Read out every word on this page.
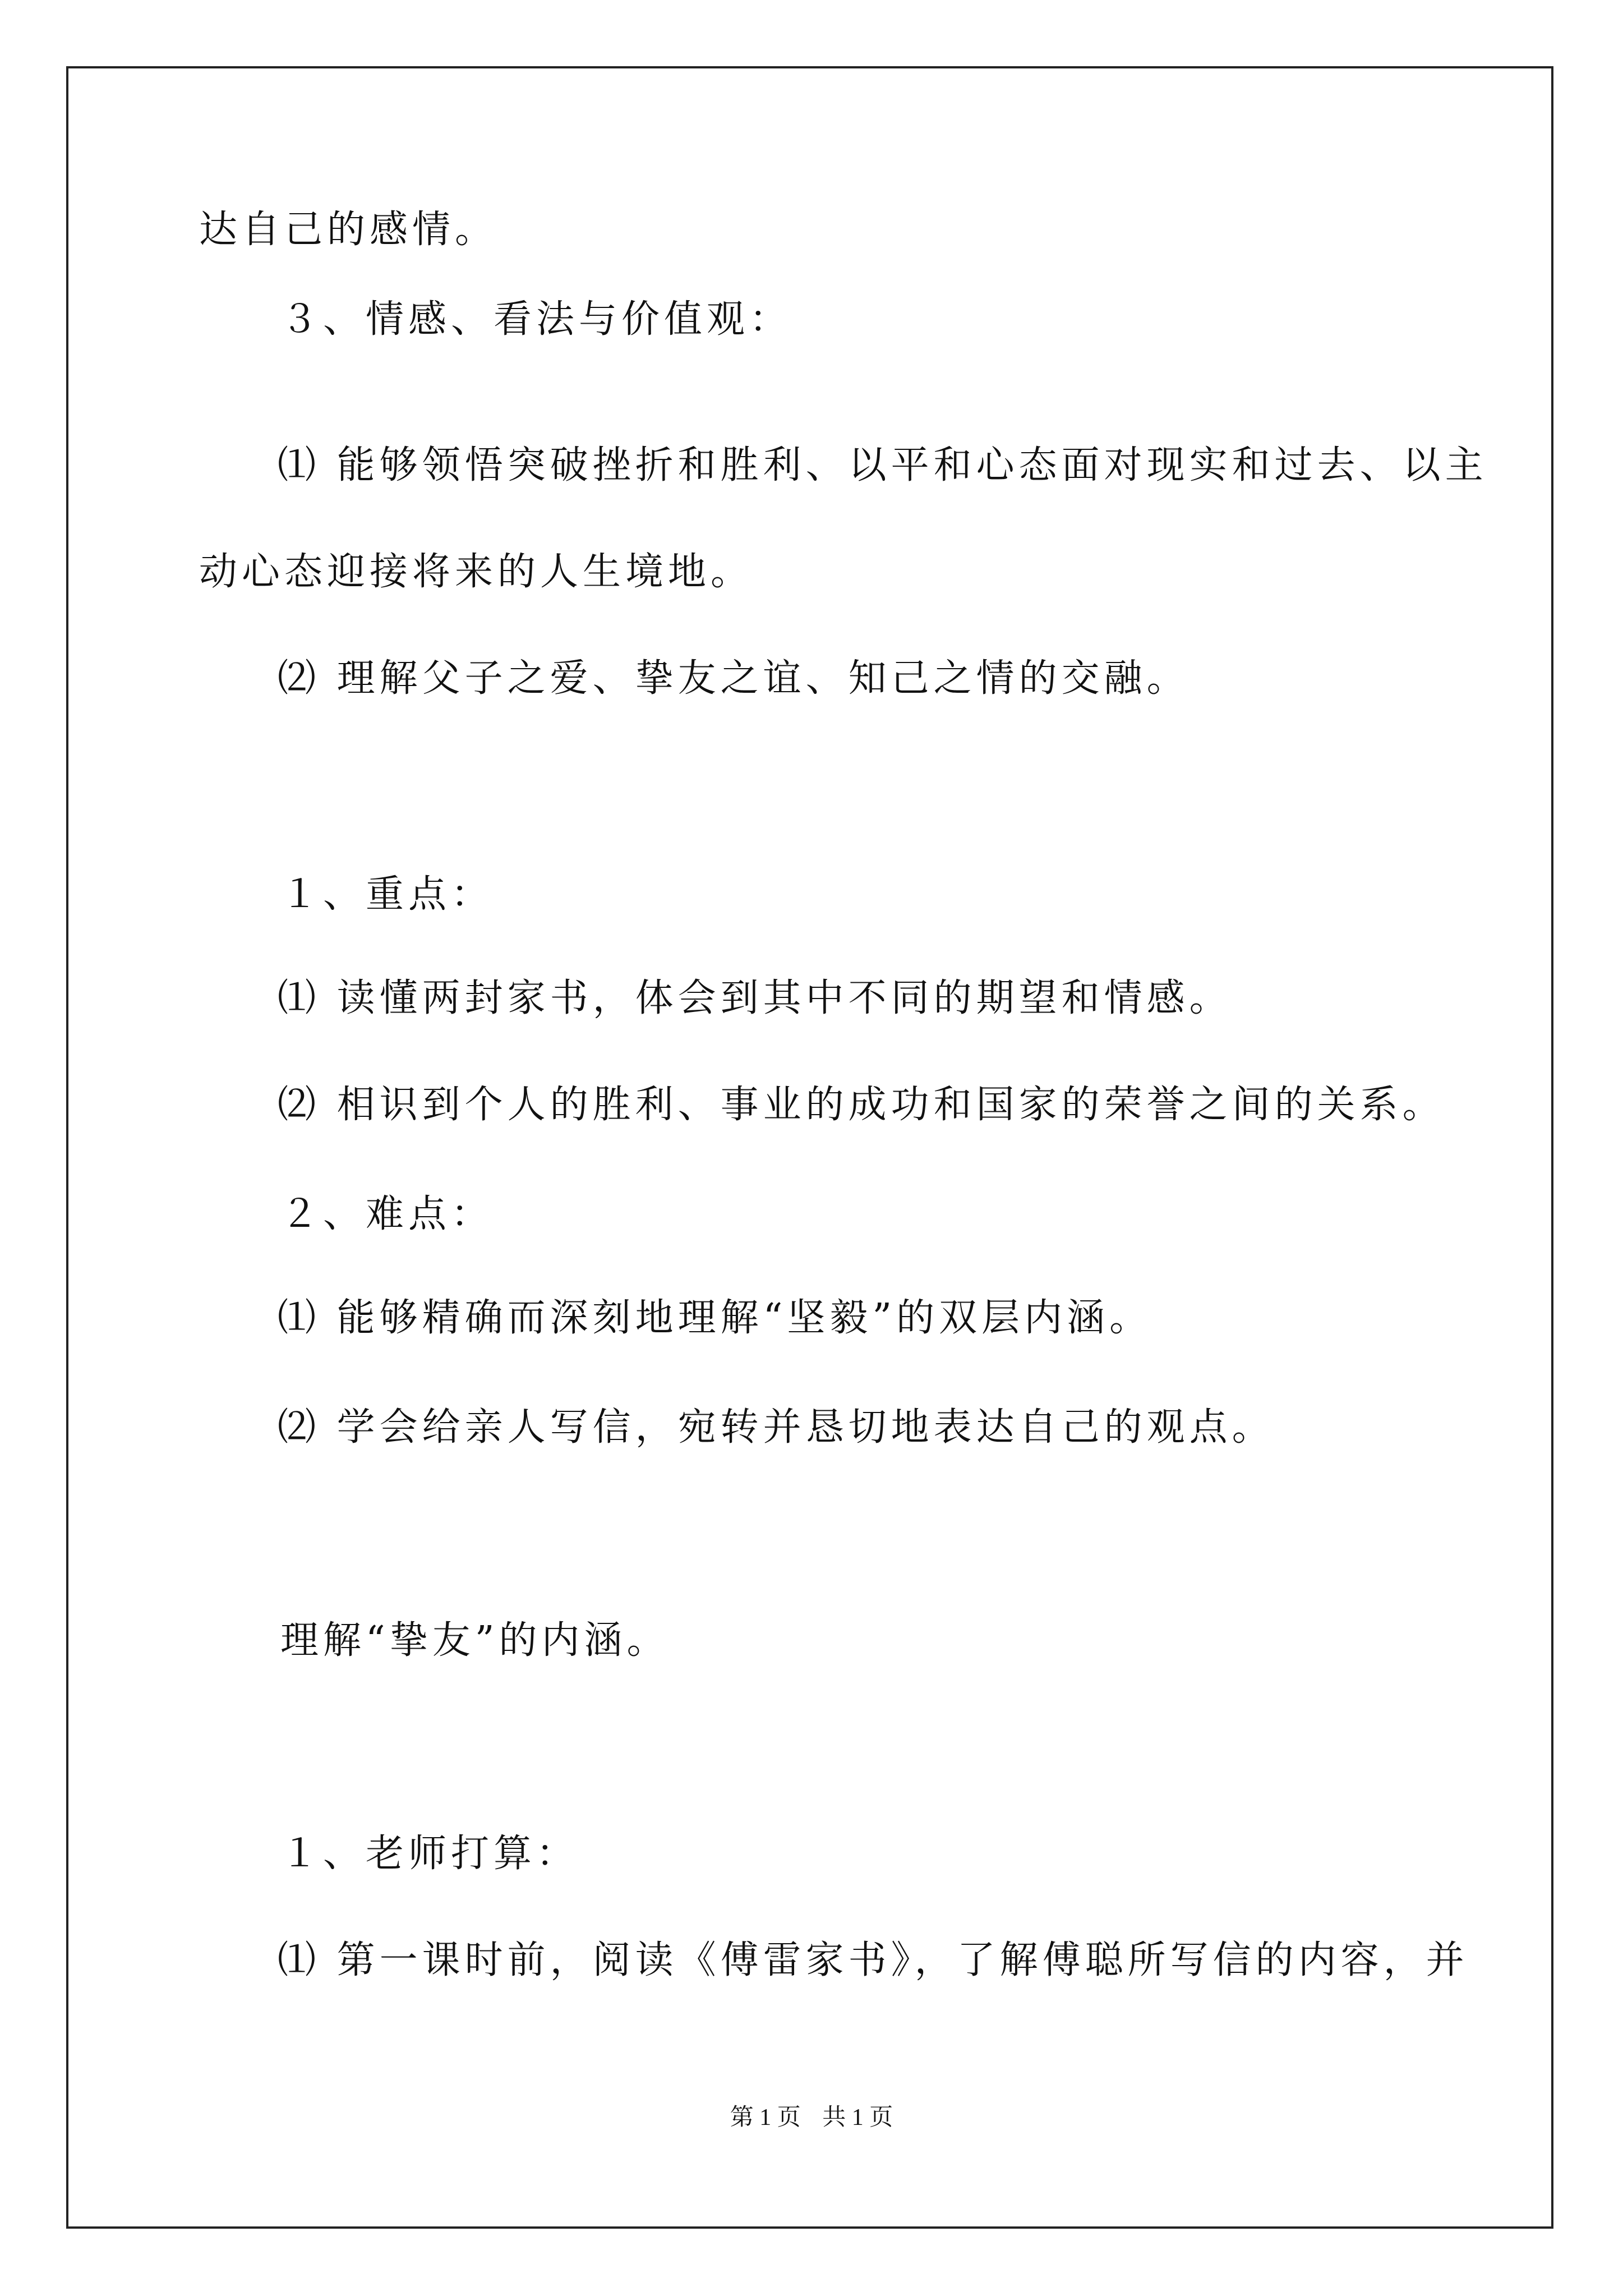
达自己的感情。
３、情感、看法与价值观：
⑴ 能够领悟突破挫折和胜利、以平和心态面对现实和过去、以主
动心态迎接将来的人生境地。
⑵ 理解父子之爱、挚友之谊、知己之情的交融。
１、重点：
⑴ 读懂两封家书，体会到其中不同的期望和情感。
⑵ 相识到个人的胜利、事业的成功和国家的荣誉之间的关系。
２、难点：
⑴ 能够精确而深刻地理解“坚毅”的双层内涵。
⑵ 学会给亲人写信，宛转并恳切地表达自己的观点。
理解“挚友”的内涵。
１、老师打算：
⑴ 第一课时前，阅读《傅雷家书》，了解傅聪所写信的内容，并
第 1 页 共 1 页
